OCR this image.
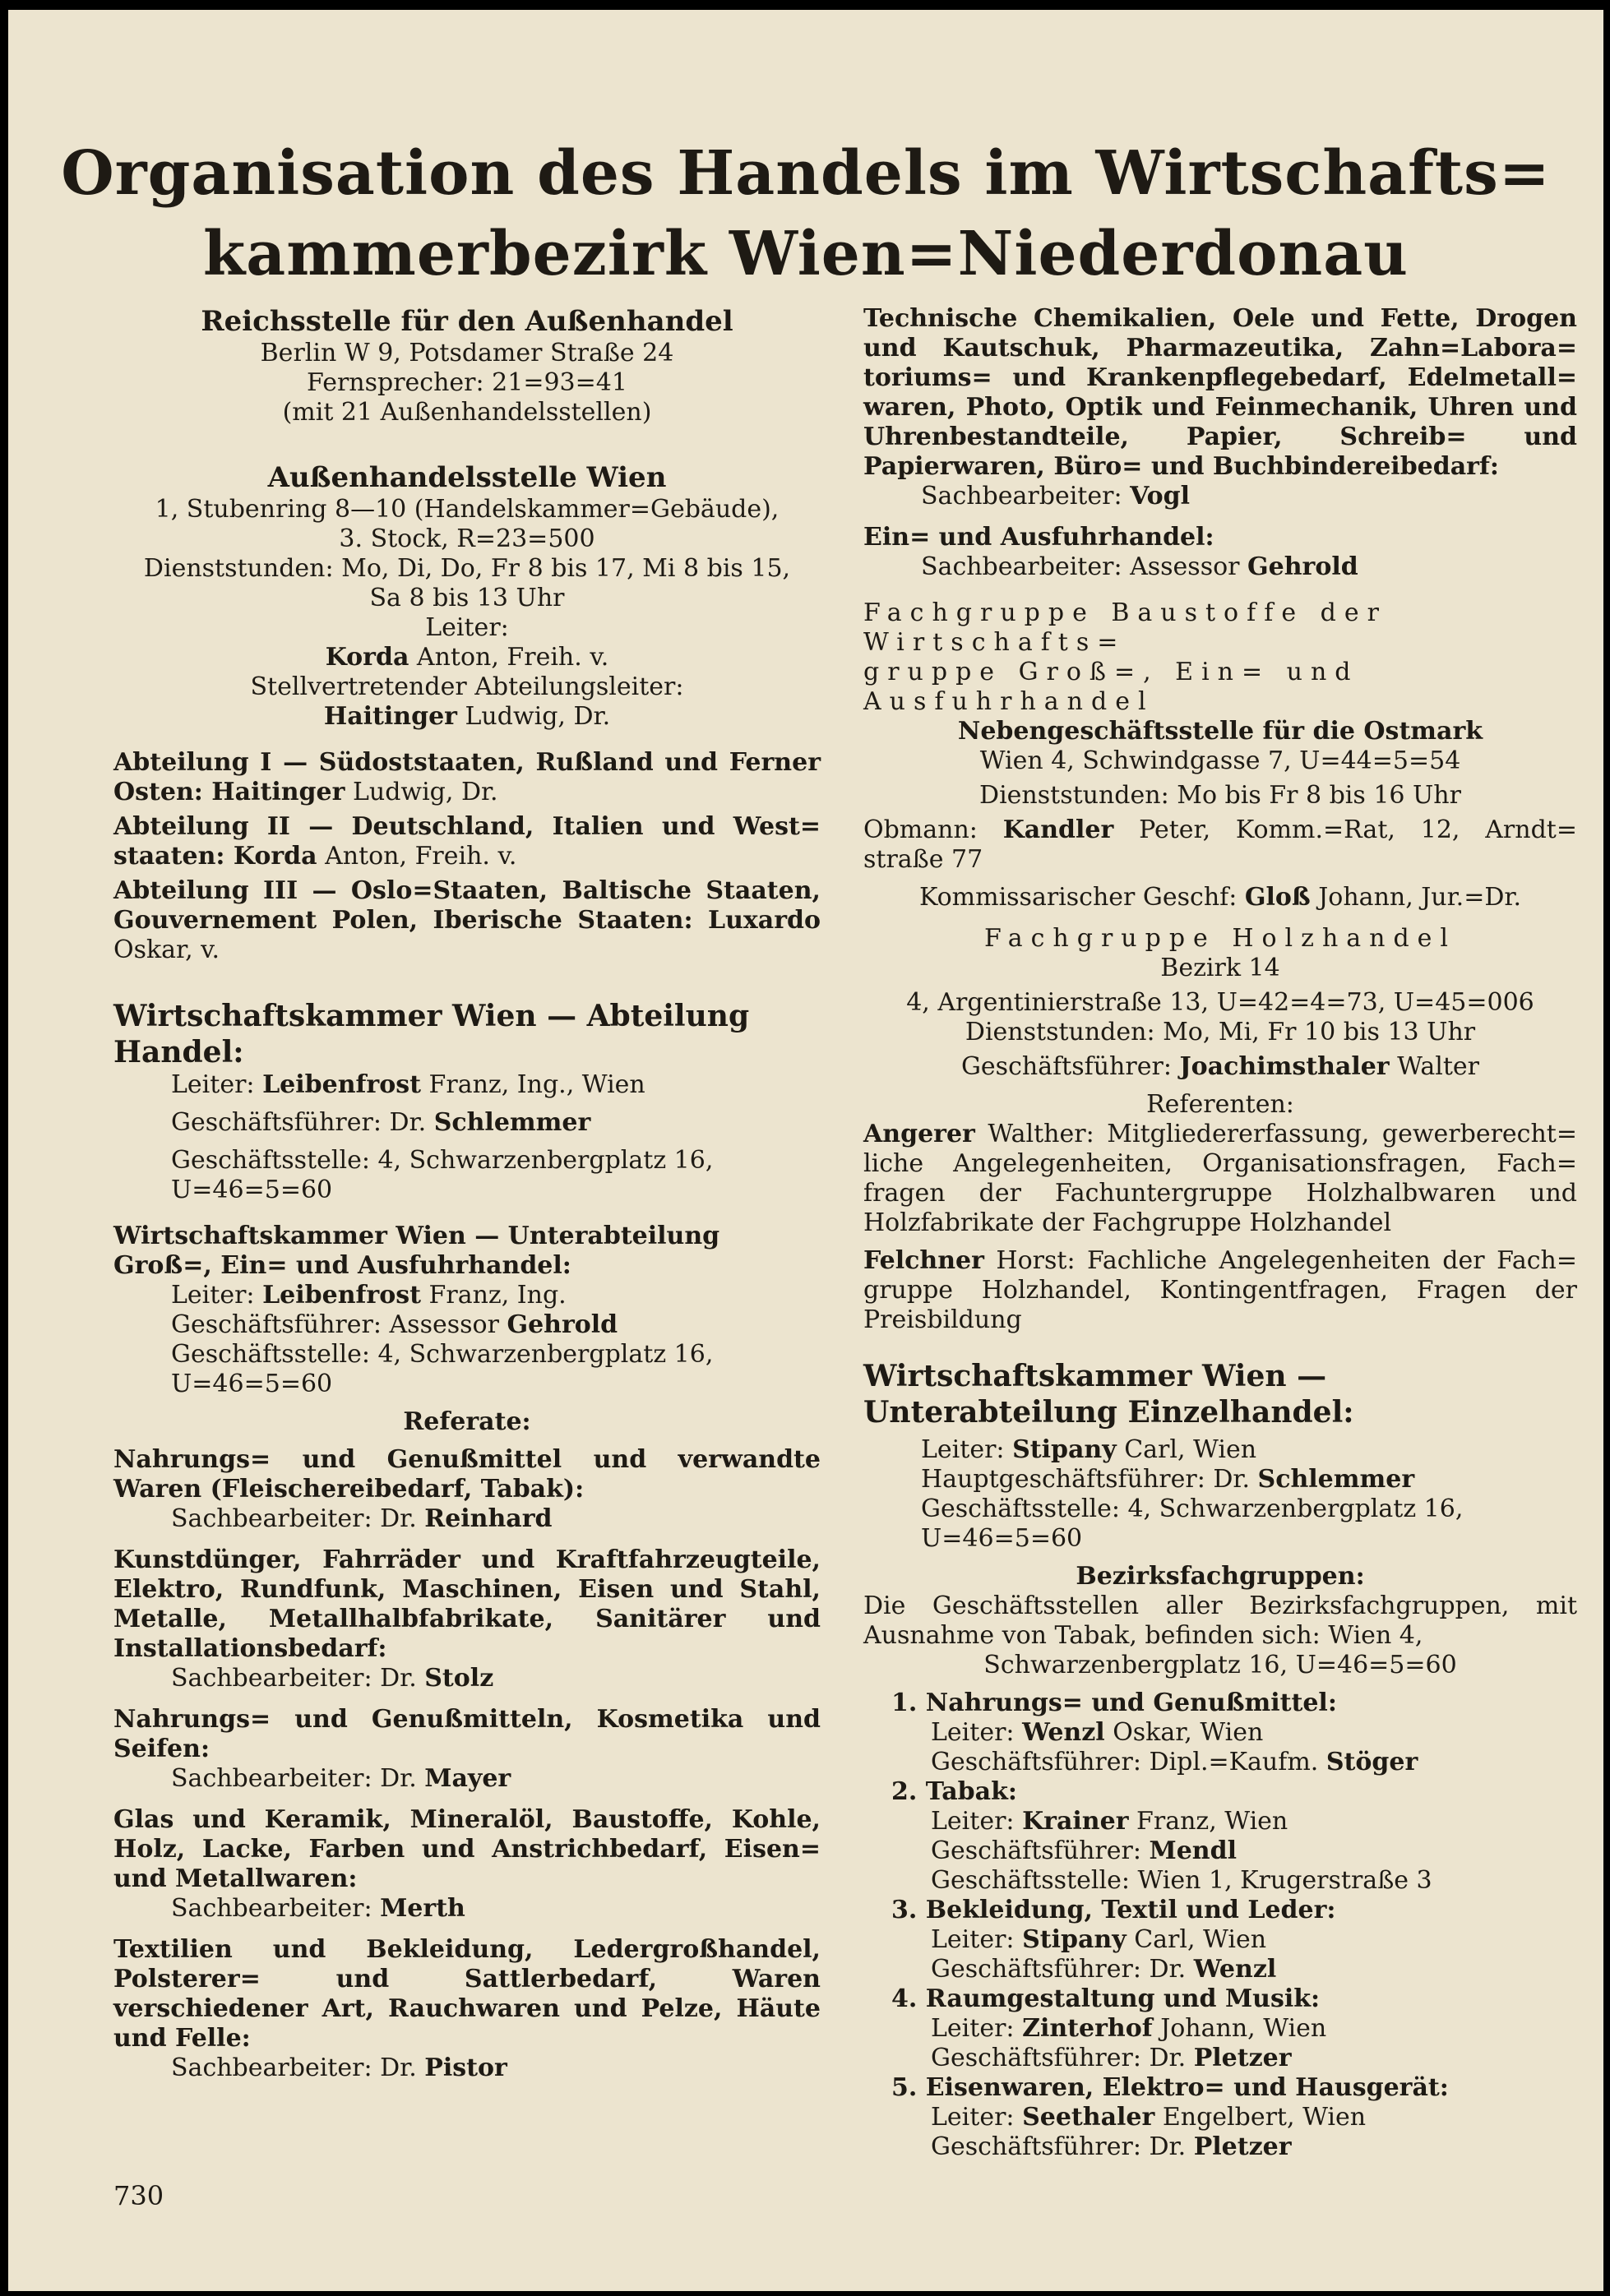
Organisation des Handels im Wirtschafts=
kammerbezirk Wien=Niederdonau
Reichsstelle für den Außenhandel
Berlin W 9, Potsdamer Straße 24
Fernsprecher: 21=93=41
(mit 21 Außenhandelsstellen)
Außenhandelsstelle Wien
1, Stubenring 8—10 (Handelskammer=Gebäude),
3. Stock, R=23=500
Dienststunden: Mo, Di, Do, Fr 8 bis 17, Mi 8 bis 15,
Sa 8 bis 13 Uhr
Leiter:
Korda Anton, Freih. v.
Stellvertretender Abteilungsleiter:
Haitinger Ludwig, Dr.
Abteilung I — Südoststaaten, Rußland und Ferner Osten: Haitinger Ludwig, Dr.
Abteilung II — Deutschland, Italien und West= staaten: Korda Anton, Freih. v.
Abteilung III — Oslo=Staaten, Baltische Staaten, Gouvernement Polen, Iberische Staaten: Luxardo Oskar, v.
Wirtschaftskammer Wien — Abteilung Handel:
Leiter: Leibenfrost Franz, Ing., Wien
Geschäftsführer: Dr. Schlemmer
Geschäftsstelle: 4, Schwarzenbergplatz 16,
U=46=5=60
Wirtschaftskammer Wien — Unterabteilung Groß=, Ein= und Ausfuhrhandel:
Leiter: Leibenfrost Franz, Ing.
Geschäftsführer: Assessor Gehrold
Geschäftsstelle: 4, Schwarzenbergplatz 16,
U=46=5=60
Referate:
Nahrungs= und Genußmittel und verwandte Waren (Fleischereibedarf, Tabak):
Sachbearbeiter: Dr. Reinhard
Kunstdünger, Fahrräder und Kraftfahrzeugteile, Elektro, Rundfunk, Maschinen, Eisen und Stahl, Metalle, Metallhalbfabrikate, Sanitärer und Installationsbedarf:
Sachbearbeiter: Dr. Stolz
Nahrungs= und Genußmitteln, Kosmetika und Seifen:
Sachbearbeiter: Dr. Mayer
Glas und Keramik, Mineralöl, Baustoffe, Kohle, Holz, Lacke, Farben und Anstrichbedarf, Eisen= und Metallwaren:
Sachbearbeiter: Merth
Textilien und Bekleidung, Ledergroßhandel, Polsterer= und Sattlerbedarf, Waren verschiedener Art, Rauchwaren und Pelze, Häute und Felle:
Sachbearbeiter: Dr. Pistor
Technische Chemikalien, Oele und Fette, Drogen und Kautschuk, Pharmazeutika, Zahn=Labora= toriums= und Krankenpflegebedarf, Edelmetall= waren, Photo, Optik und Feinmechanik, Uhren und Uhrenbestandteile, Papier, Schreib= und Papierwaren, Büro= und Buchbindereibedarf:
Sachbearbeiter: Vogl
Ein= und Ausfuhrhandel:
Sachbearbeiter: Assessor Gehrold
Fachgruppe Baustoffe der Wirtschafts=
gruppe Groß=, Ein= und Ausfuhrhandel
Nebengeschäftsstelle für die Ostmark
Wien 4, Schwindgasse 7, U=44=5=54
Dienststunden: Mo bis Fr 8 bis 16 Uhr
Obmann: Kandler Peter, Komm.=Rat, 12, Arndt= straße 77
Kommissarischer Geschf: Gloß Johann, Jur.=Dr.
Fachgruppe Holzhandel
Bezirk 14
4, Argentinierstraße 13, U=42=4=73, U=45=006
Dienststunden: Mo, Mi, Fr 10 bis 13 Uhr
Geschäftsführer: Joachimsthaler Walter
Referenten:
Angerer Walther: Mitgliedererfassung, gewerberecht= liche Angelegenheiten, Organisationsfragen, Fach= fragen der Fachuntergruppe Holzhalbwaren und Holzfabrikate der Fachgruppe Holzhandel
Felchner Horst: Fachliche Angelegenheiten der Fach= gruppe Holzhandel, Kontingentfragen, Fragen der Preisbildung
Wirtschaftskammer Wien — Unterabteilung Einzelhandel:
Leiter: Stipany Carl, Wien
Hauptgeschäftsführer: Dr. Schlemmer
Geschäftsstelle: 4, Schwarzenbergplatz 16,
U=46=5=60
Bezirksfachgruppen:
Die Geschäftsstellen aller Bezirksfachgruppen, mit Ausnahme von Tabak, befinden sich: Wien 4,
Schwarzenbergplatz 16, U=46=5=60
1. Nahrungs= und Genußmittel:
Leiter: Wenzl Oskar, Wien
Geschäftsführer: Dipl.=Kaufm. Stöger
2. Tabak:
Leiter: Krainer Franz, Wien
Geschäftsführer: Mendl
Geschäftsstelle: Wien 1, Krugerstraße 3
3. Bekleidung, Textil und Leder:
Leiter: Stipany Carl, Wien
Geschäftsführer: Dr. Wenzl
4. Raumgestaltung und Musik:
Leiter: Zinterhof Johann, Wien
Geschäftsführer: Dr. Pletzer
5. Eisenwaren, Elektro= und Hausgerät:
Leiter: Seethaler Engelbert, Wien
Geschäftsführer: Dr. Pletzer
730
